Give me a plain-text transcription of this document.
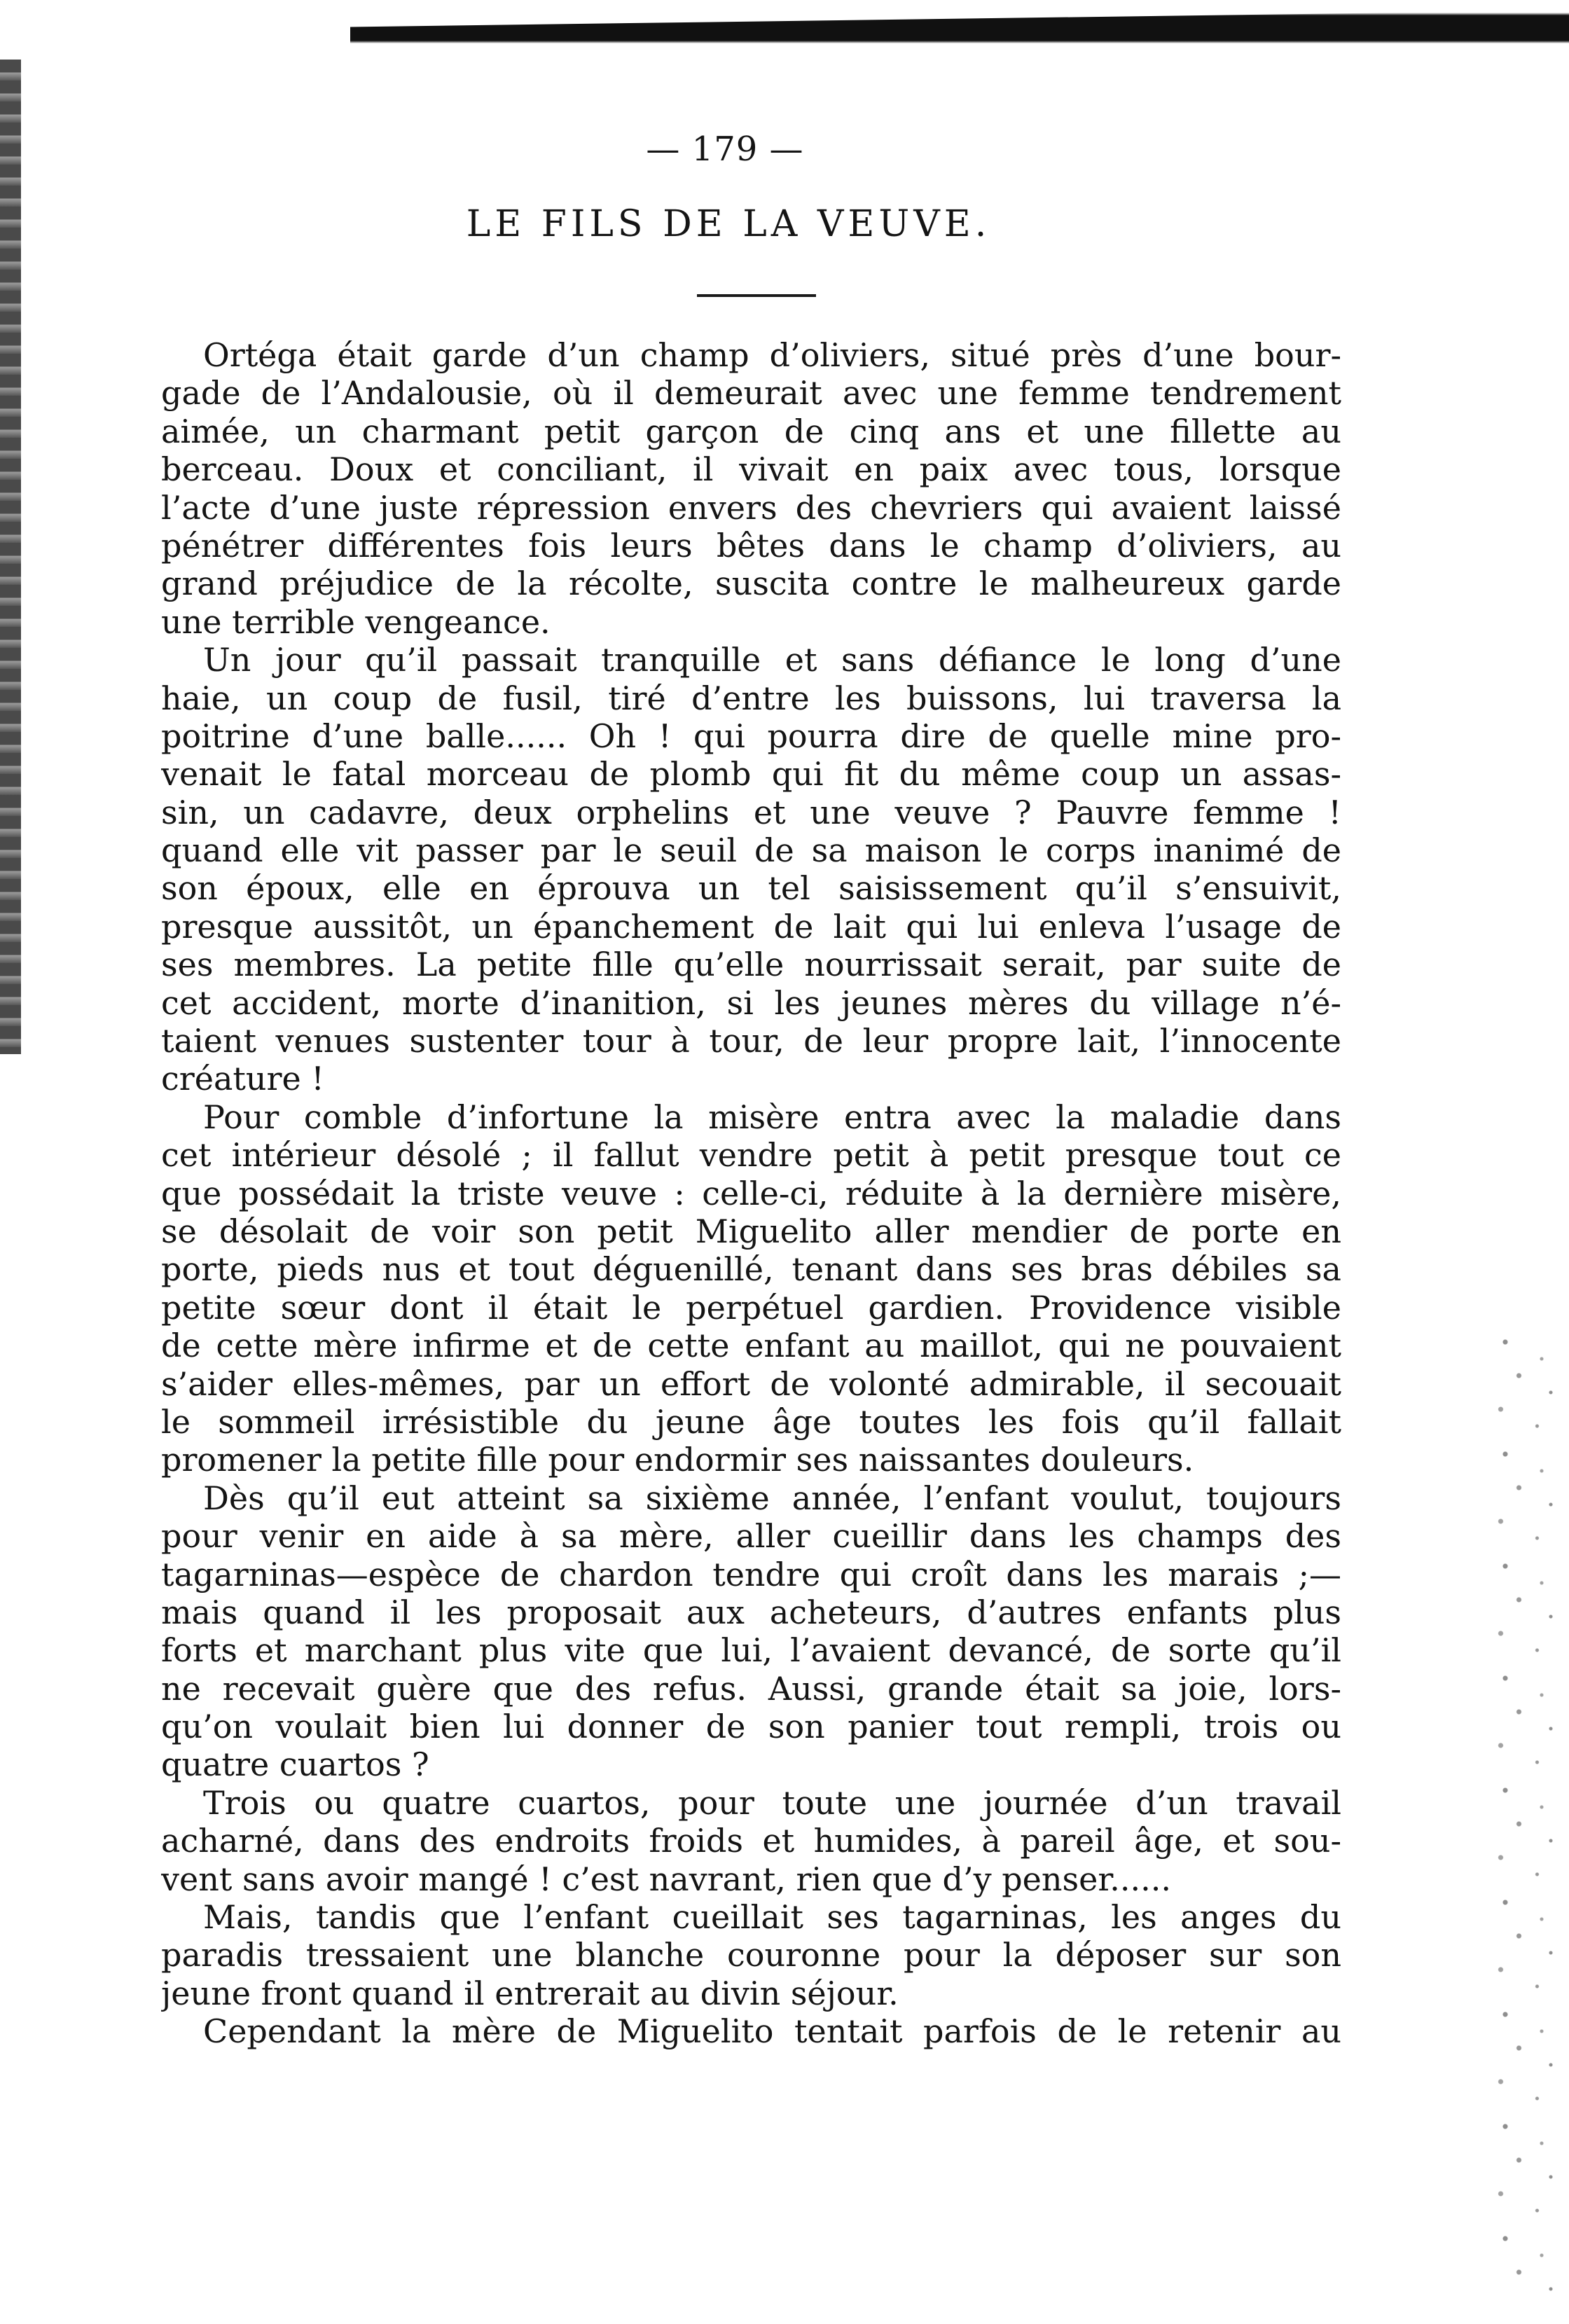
— 179 —
LE FILS DE LA VEUVE.
Ortéga était garde d’un champ d’oliviers, situé près d’une bour-
gade de l’Andalousie, où il demeurait avec une femme tendrement
aimée, un charmant petit garçon de cinq ans et une fillette au
berceau. Doux et conciliant, il vivait en paix avec tous, lorsque
l’acte d’une juste répression envers des chevriers qui avaient laissé
pénétrer différentes fois leurs bêtes dans le champ d’oliviers, au
grand préjudice de la récolte, suscita contre le malheureux garde
une terrible vengeance.
Un jour qu’il passait tranquille et sans défiance le long d’une
haie, un coup de fusil, tiré d’entre les buissons, lui traversa la
poitrine d’une balle...... Oh ! qui pourra dire de quelle mine pro-
venait le fatal morceau de plomb qui fit du même coup un assas-
sin, un cadavre, deux orphelins et une veuve ? Pauvre femme !
quand elle vit passer par le seuil de sa maison le corps inanimé de
son époux, elle en éprouva un tel saisissement qu’il s’ensuivit,
presque aussitôt, un épanchement de lait qui lui enleva l’usage de
ses membres. La petite fille qu’elle nourrissait serait, par suite de
cet accident, morte d’inanition, si les jeunes mères du village n’é-
taient venues sustenter tour à tour, de leur propre lait, l’innocente
créature !
Pour comble d’infortune la misère entra avec la maladie dans
cet intérieur désolé ; il fallut vendre petit à petit presque tout ce
que possédait la triste veuve : celle-ci, réduite à la dernière misère,
se désolait de voir son petit Miguelito aller mendier de porte en
porte, pieds nus et tout déguenillé, tenant dans ses bras débiles sa
petite sœur dont il était le perpétuel gardien. Providence visible
de cette mère infirme et de cette enfant au maillot, qui ne pouvaient
s’aider elles-mêmes, par un effort de volonté admirable, il secouait
le sommeil irrésistible du jeune âge toutes les fois qu’il fallait
promener la petite fille pour endormir ses naissantes douleurs.
Dès qu’il eut atteint sa sixième année, l’enfant voulut, toujours
pour venir en aide à sa mère, aller cueillir dans les champs des
tagarninas—espèce de chardon tendre qui croît dans les marais ;—
mais quand il les proposait aux acheteurs, d’autres enfants plus
forts et marchant plus vite que lui, l’avaient devancé, de sorte qu’il
ne recevait guère que des refus. Aussi, grande était sa joie, lors-
qu’on voulait bien lui donner de son panier tout rempli, trois ou
quatre cuartos ?
Trois ou quatre cuartos, pour toute une journée d’un travail
acharné, dans des endroits froids et humides, à pareil âge, et sou-
vent sans avoir mangé ! c’est navrant, rien que d’y penser......
Mais, tandis que l’enfant cueillait ses tagarninas, les anges du
paradis tressaient une blanche couronne pour la déposer sur son
jeune front quand il entrerait au divin séjour.
Cependant la mère de Miguelito tentait parfois de le retenir au
